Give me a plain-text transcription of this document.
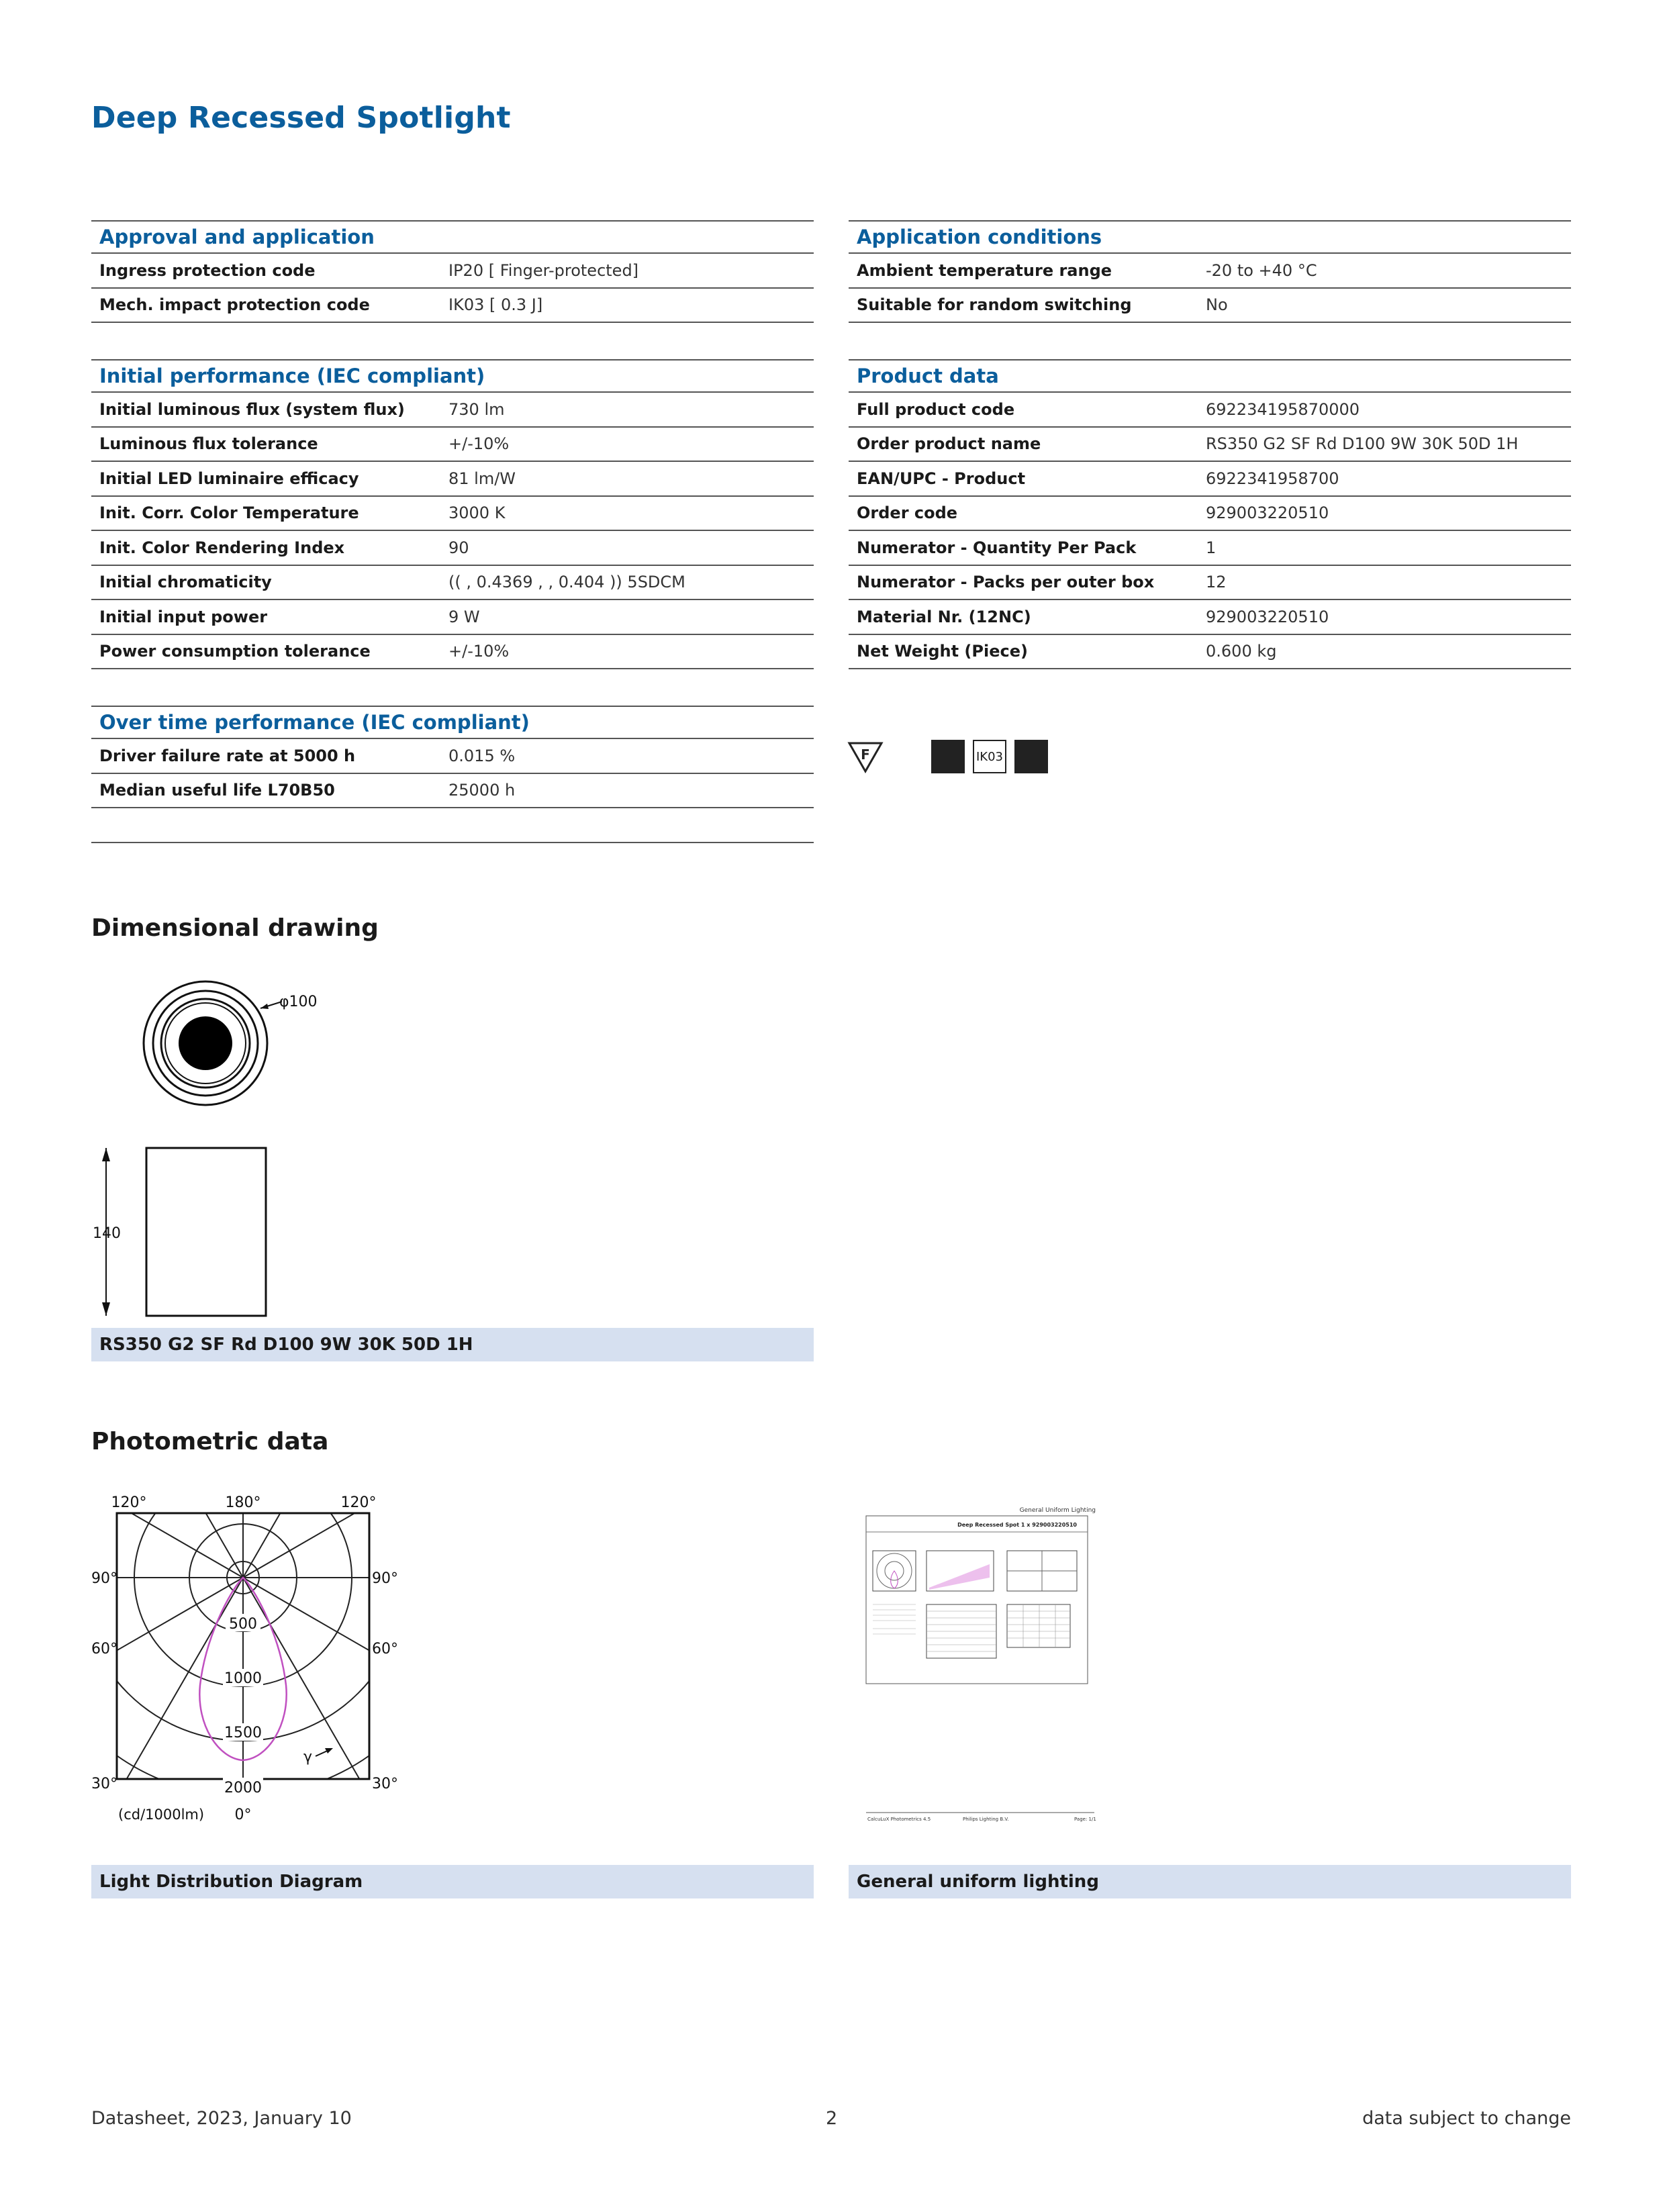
Deep Recessed Spotlight
Approval and application
Ingress protection code	IP20 [ Finger-protected]
Mech. impact protection code	IK03 [ 0.3 J]
Initial performance (IEC compliant)
Initial luminous flux (system flux)	730 lm
Luminous flux tolerance	+/-10%
Initial LED luminaire efficacy	81 lm/W
Init. Corr. Color Temperature	3000 K
Init. Color Rendering Index	90
Initial chromaticity	(( , 0.4369 , , 0.404 )) 5SDCM
Initial input power	9 W
Power consumption tolerance	+/-10%
Over time performance (IEC compliant)
Driver failure rate at 5000 h	0.015 %
Median useful life L70B50	25000 h
Application conditions
Ambient temperature range	-20 to +40 °C
Suitable for random switching	No
Product data
Full product code	692234195870000
Order product name	RS350 G2 SF Rd D100 9W 30K 50D 1H
EAN/UPC - Product	6922341958700
Order code	929003220510
Numerator - Quantity Per Pack	1
Numerator - Packs per outer box	12
Material Nr. (12NC)	929003220510
Net Weight (Piece)	0.600 kg
F	IK03
Dimensional drawing
φ100
140
RS350 G2 SF Rd D100 9W 30K 50D 1H
Photometric data
500
1000
1500
2000
120°	180°	120°
90°	90°
60°	60°
30°	30°
0°
(cd/1000lm)
γ
General Uniform Lighting
Deep Recessed Spot 1 x 929003220510
CalcuLuX Photometrics 4.5	Philips Lighting B.V.	Page: 1/1
Light Distribution Diagram	General uniform lighting
Datasheet, 2023, January 10	2	data subject to change
